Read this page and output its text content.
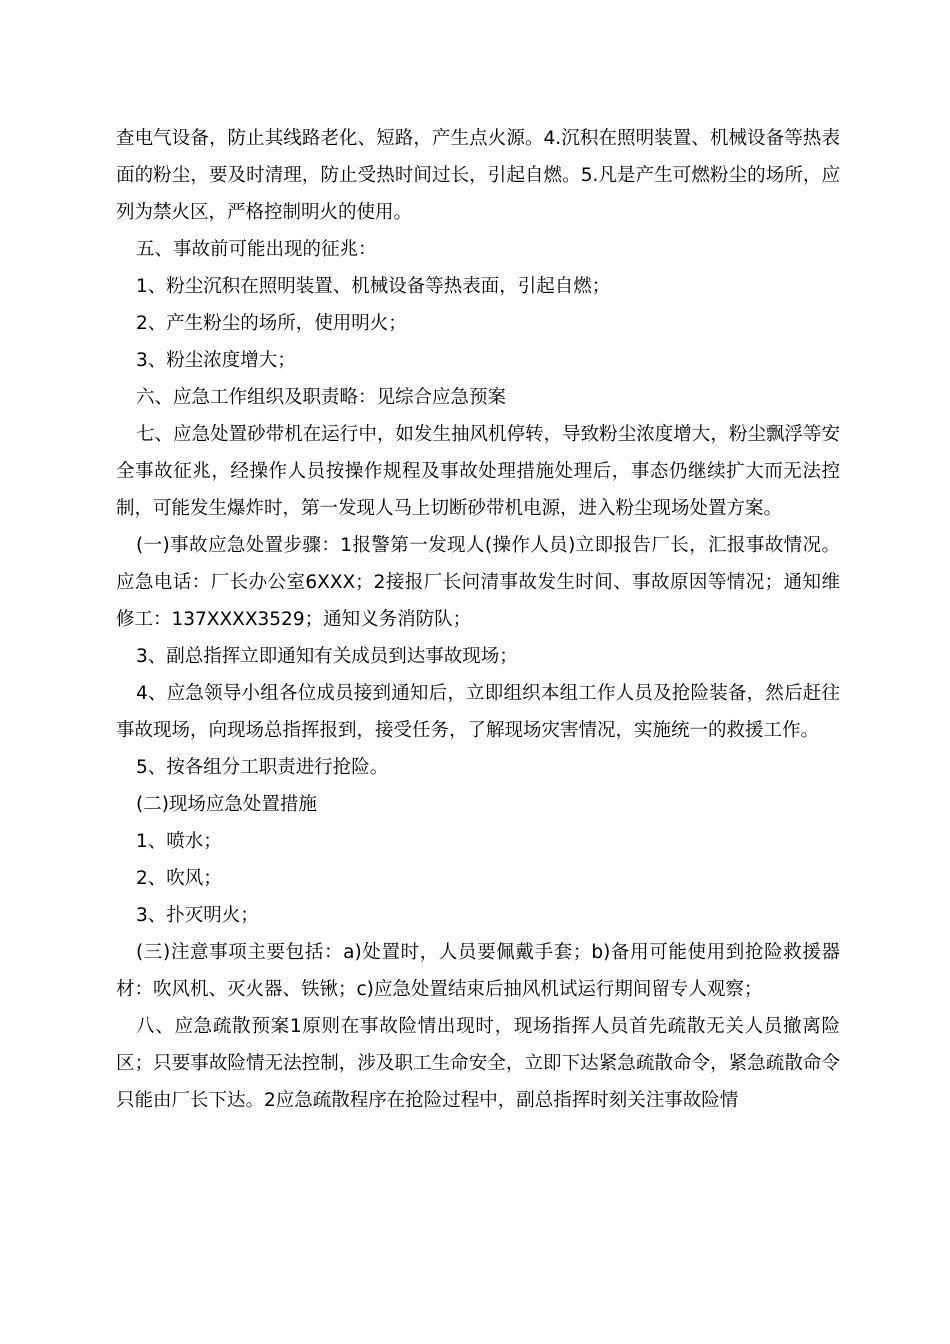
查电气设备，防止其线路老化、短路，产生点火源。4.沉积在照明装置、机械设备等热表面的粉尘，要及时清理，防止受热时间过长，引起自燃。5.凡是产生可燃粉尘的场所，应列为禁火区，严格控制明火的使用。

五、事故前可能出现的征兆：

1、粉尘沉积在照明装置、机械设备等热表面，引起自燃；

2、产生粉尘的场所，使用明火；

3、粉尘浓度增大；

六、应急工作组织及职责略：见综合应急预案

七、应急处置砂带机在运行中，如发生抽风机停转，导致粉尘浓度增大，粉尘飘浮等安全事故征兆，经操作人员按操作规程及事故处理措施处理后，事态仍继续扩大而无法控制，可能发生爆炸时，第一发现人马上切断砂带机电源，进入粉尘现场处置方案。

(一)事故应急处置步骤：1报警第一发现人(操作人员)立即报告厂长，汇报事故情况。应急电话：厂长办公室6XXX；2接报厂长问清事故发生时间、事故原因等情况；通知维修工：137XXXX3529；通知义务消防队；

3、副总指挥立即通知有关成员到达事故现场；

4、应急领导小组各位成员接到通知后，立即组织本组工作人员及抢险装备，然后赶往事故现场，向现场总指挥报到，接受任务，了解现场灾害情况，实施统一的救援工作。

5、按各组分工职责进行抢险。

(二)现场应急处置措施

1、喷水；

2、吹风；

3、扑灭明火；

(三)注意事项主要包括：a)处置时，人员要佩戴手套；b)备用可能使用到抢险救援器材：吹风机、灭火器、铁锹；c)应急处置结束后抽风机试运行期间留专人观察；

八、应急疏散预案1原则在事故险情出现时，现场指挥人员首先疏散无关人员撤离险区；只要事故险情无法控制，涉及职工生命安全，立即下达紧急疏散命令，紧急疏散命令只能由厂长下达。2应急疏散程序在抢险过程中，副总指挥时刻关注事故险情
